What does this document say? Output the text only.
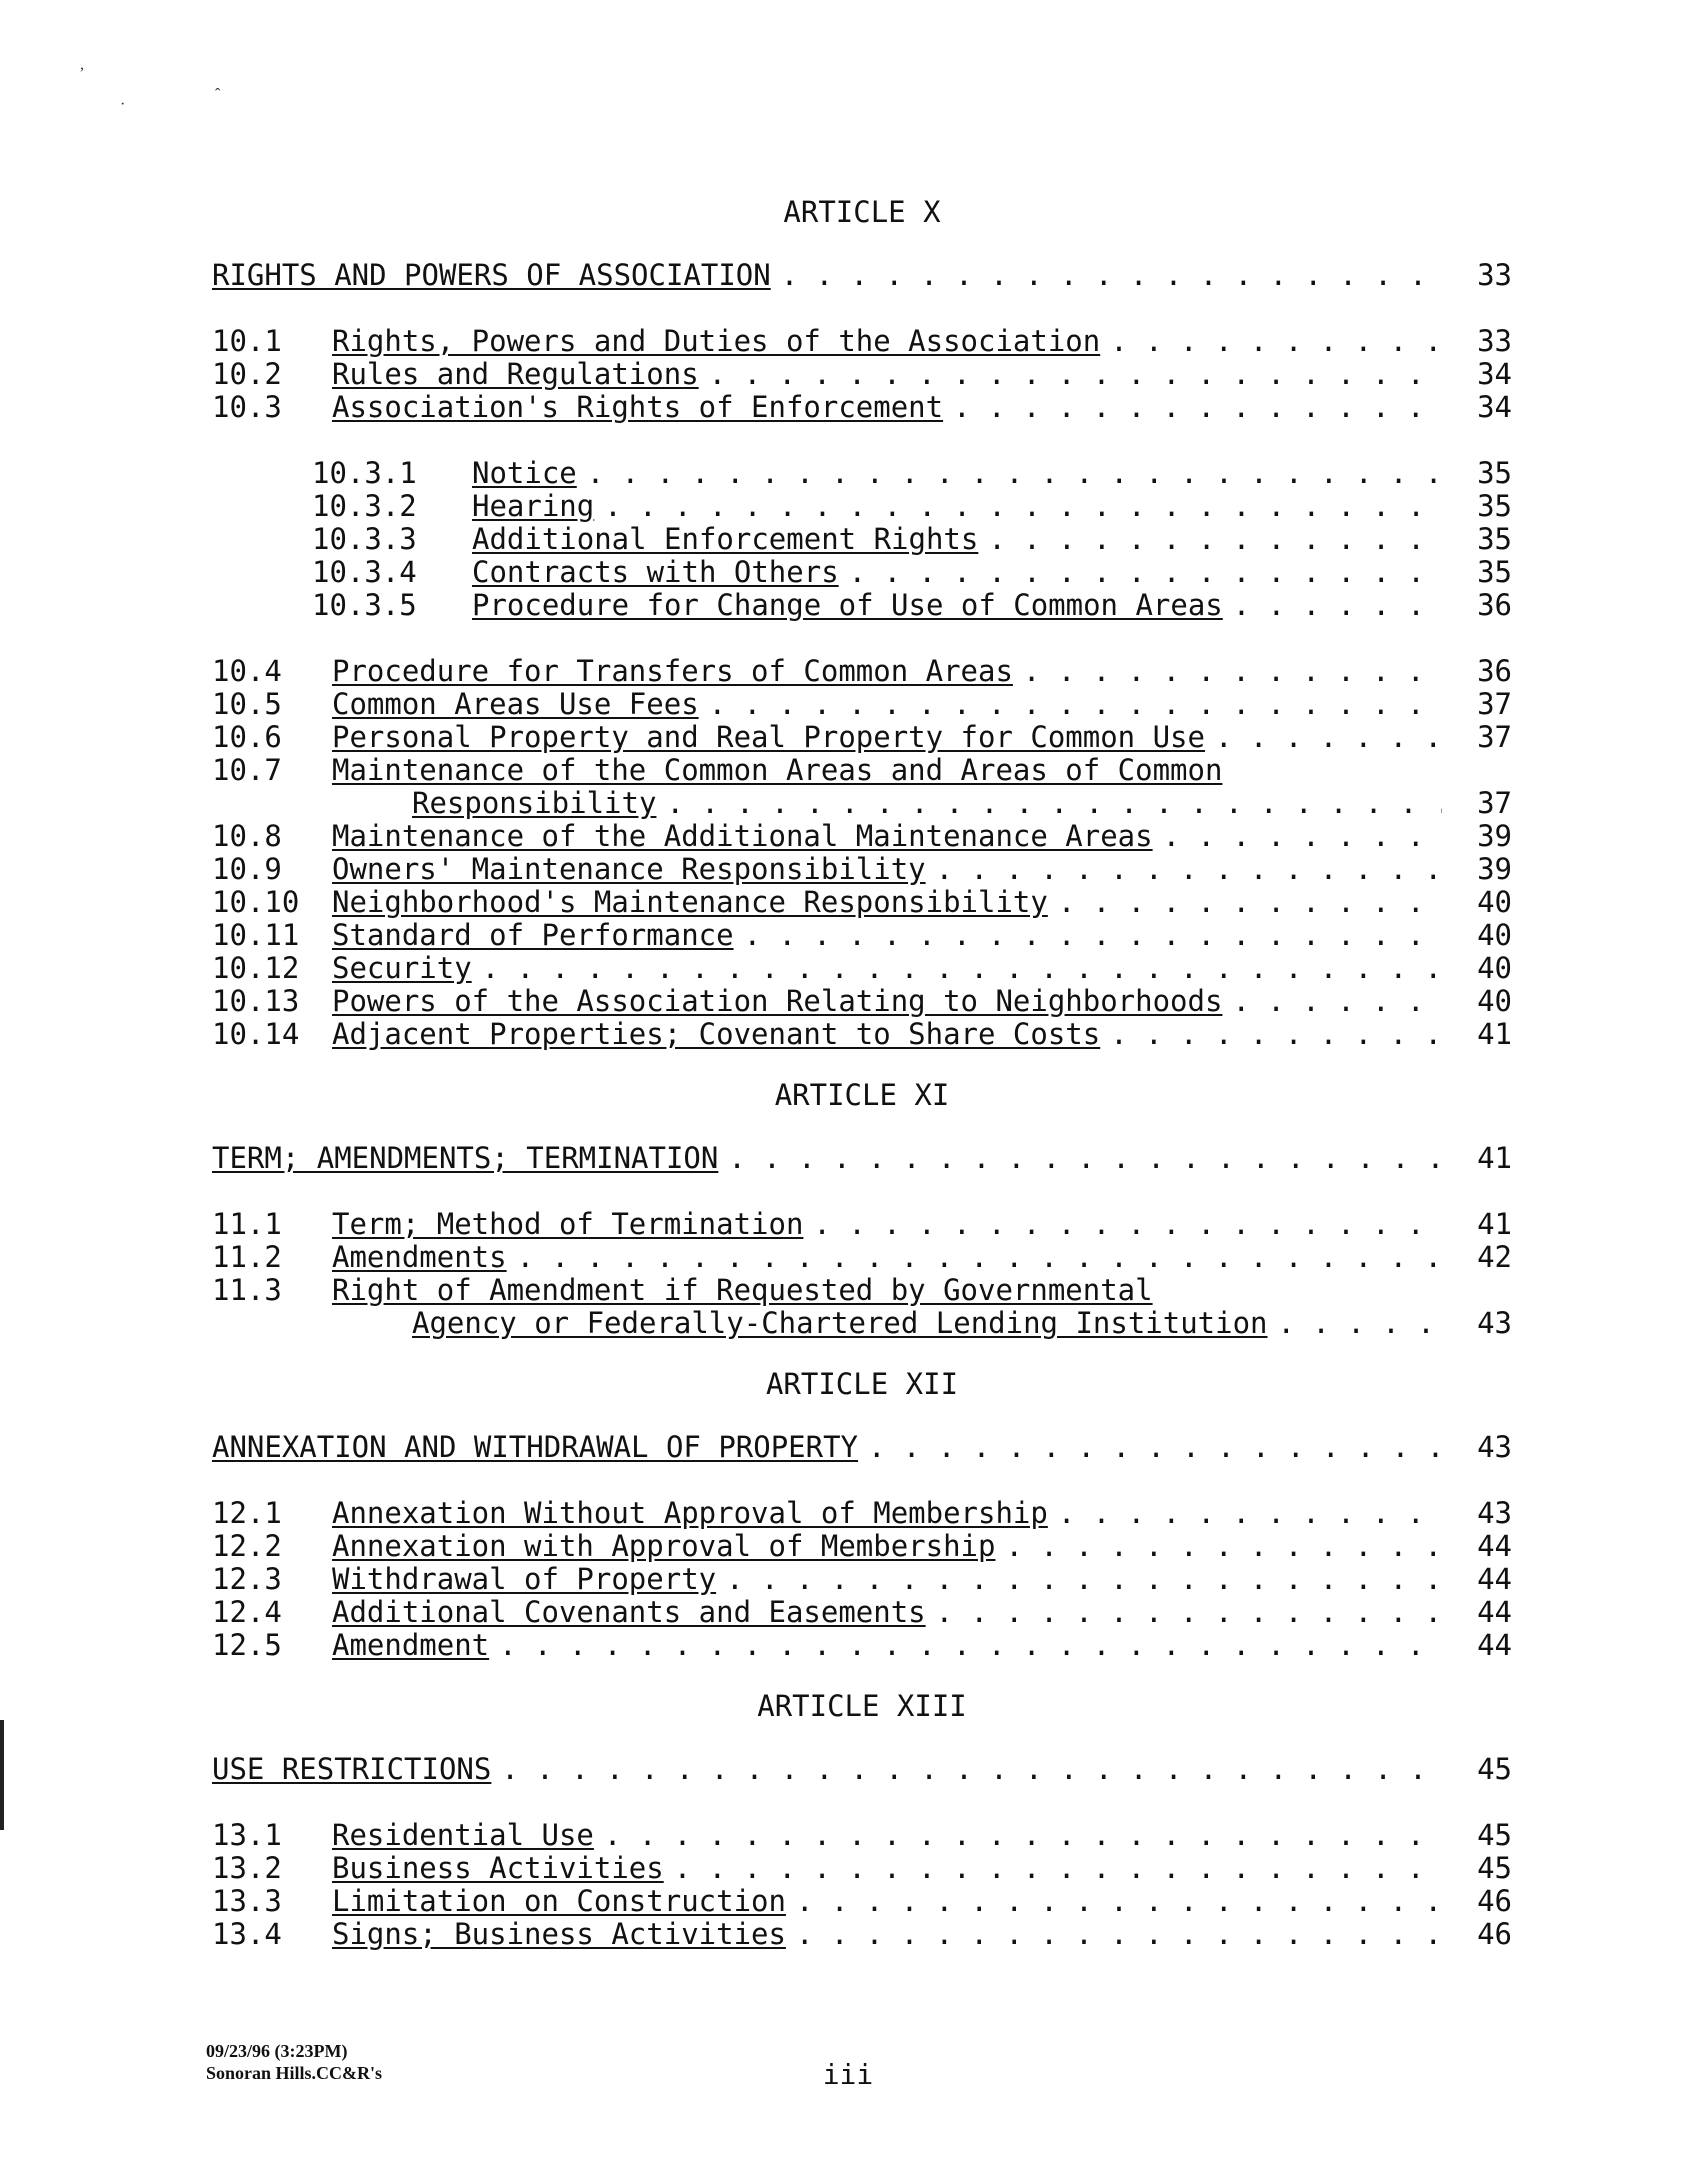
ARTICLE X
RIGHTS AND POWERS OF ASSOCIATION . . .	33
10.1	Rights, Powers and Duties of the Association . . .	33
10.2	Rules and Regulations . . .	34
10.3	Association's Rights of Enforcement . . .	34
10.3.1	Notice . . .	35
10.3.2	Hearing . . .	35
10.3.3	Additional Enforcement Rights . . .	35
10.3.4	Contracts with Others . . .	35
10.3.5	Procedure for Change of Use of Common Areas . . .	36
10.4	Procedure for Transfers of Common Areas . . .	36
10.5	Common Areas Use Fees . . .	37
10.6	Personal Property and Real Property for Common Use . . .	37
10.7	Maintenance of the Common Areas and Areas of Common
Responsibility . . .	37
10.8	Maintenance of the Additional Maintenance Areas . . .	39
10.9	Owners' Maintenance Responsibility . . .	39
10.10	Neighborhood's Maintenance Responsibility . . .	40
10.11	Standard of Performance . . .	40
10.12	Security . . .	40
10.13	Powers of the Association Relating to Neighborhoods . . .	40
10.14	Adjacent Properties; Covenant to Share Costs . . .	41
ARTICLE XI
TERM; AMENDMENTS; TERMINATION . . .	41
11.1	Term; Method of Termination . . .	41
11.2	Amendments . . .	42
11.3	Right of Amendment if Requested by Governmental
Agency or Federally-Chartered Lending Institution . . .	43
ARTICLE XII
ANNEXATION AND WITHDRAWAL OF PROPERTY . . .	43
12.1	Annexation Without Approval of Membership . . .	43
12.2	Annexation with Approval of Membership . . .	44
12.3	Withdrawal of Property . . .	44
12.4	Additional Covenants and Easements . . .	44
12.5	Amendment . . .	44
ARTICLE XIII
USE RESTRICTIONS . . .	45
13.1	Residential Use . . .	45
13.2	Business Activities . . .	45
13.3	Limitation on Construction . . .	46
13.4	Signs; Business Activities . . .	46
09/23/96 (3:23PM)
Sonoran Hills.CC&R's	iii
,
ˆ
·
